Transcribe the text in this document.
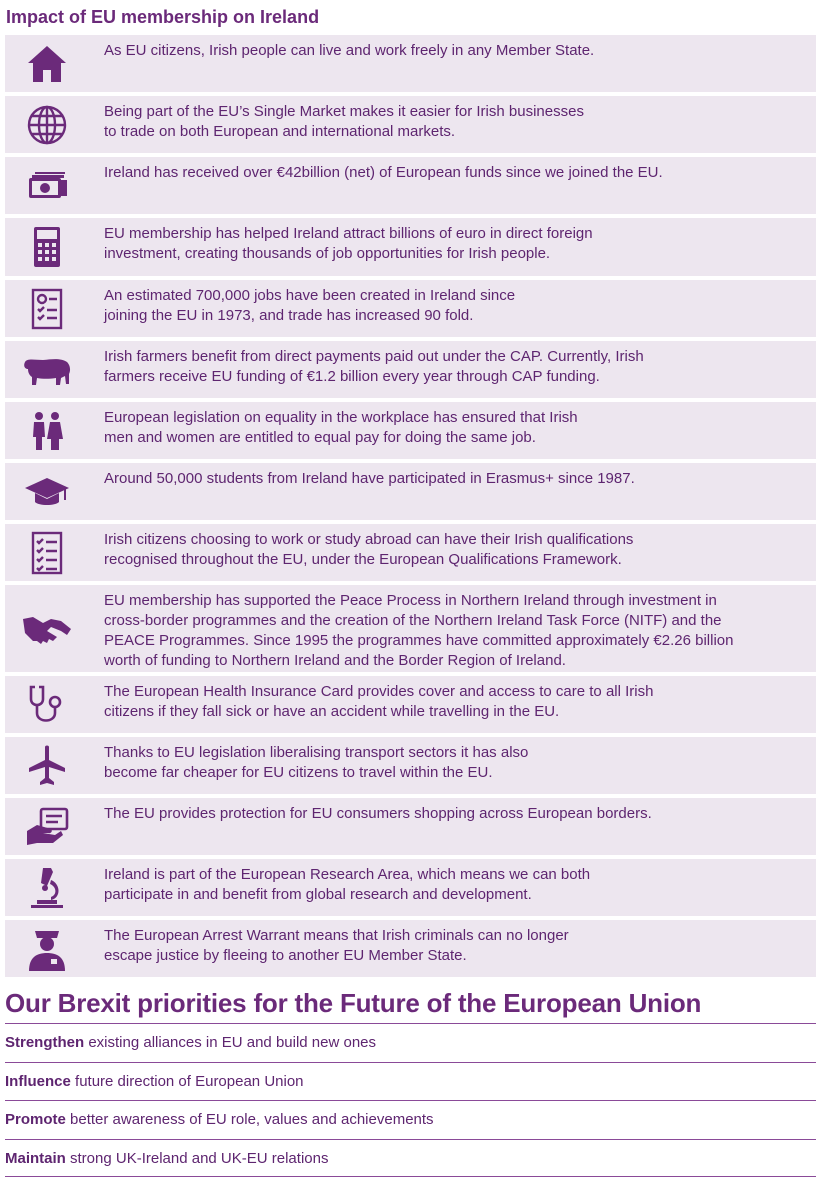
Impact of EU membership on Ireland
As EU citizens, Irish people can live and work freely in any Member State.
Being part of the EU’s Single Market makes it easier for Irish businesses
to trade on both European and international markets.
Ireland has received over €42billion (net) of European funds since we joined the EU.
EU membership has helped Ireland attract billions of euro in direct foreign
investment, creating thousands of job opportunities for Irish people.
An estimated 700,000 jobs have been created in Ireland since
joining the EU in 1973, and trade has increased 90 fold.
Irish farmers benefit from direct payments paid out under the CAP. Currently, Irish
farmers receive EU funding of €1.2 billion every year through CAP funding.
European legislation on equality in the workplace has ensured that Irish
men and women are entitled to equal pay for doing the same job.
Around 50,000 students from Ireland have participated in Erasmus+ since 1987.
Irish citizens choosing to work or study abroad can have their Irish qualifications
recognised throughout the EU, under the European Qualifications Framework.
EU membership has supported the Peace Process in Northern Ireland through investment in
cross-border programmes and the creation of the Northern Ireland Task Force (NITF) and the
PEACE Programmes. Since 1995 the programmes have committed approximately €2.26 billion
worth of funding to Northern Ireland and the Border Region of Ireland.
The European Health Insurance Card provides cover and access to care to all Irish
citizens if they fall sick or have an accident while travelling in the EU.
Thanks to EU legislation liberalising transport sectors it has also
become far cheaper for EU citizens to travel within the EU.
The EU provides protection for EU consumers shopping across European borders.
Ireland is part of the European Research Area, which means we can both
participate in and benefit from global research and development.
The European Arrest Warrant means that Irish criminals can no longer
escape justice by fleeing to another EU Member State.
Our Brexit priorities for the Future of the European Union
Strengthen existing alliances in EU and build new ones
Influence future direction of European Union
Promote better awareness of EU role, values and achievements
Maintain strong UK-Ireland and UK-EU relations
